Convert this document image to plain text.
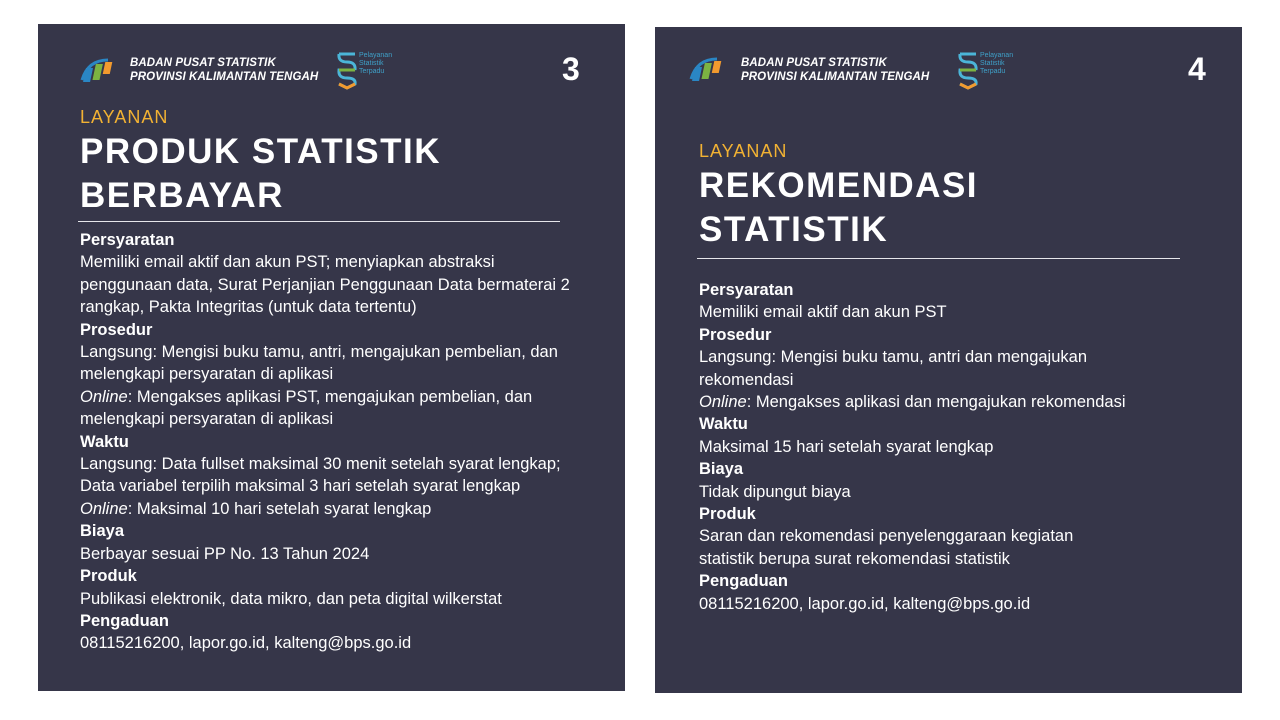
BADAN PUSAT STATISTIK
PROVINSI KALIMANTAN TENGAH
Pelayanan
Statistik
Terpadu	3
LAYANAN
PRODUK STATISTIK
BERBAYAR

Persyaratan

Memiliki email aktif dan akun PST; menyiapkan abstraksi

penggunaan data, Surat Perjanjian Penggunaan Data bermaterai 2

rangkap, Pakta Integritas (untuk data tertentu)

Prosedur

Langsung: Mengisi buku tamu, antri, mengajukan pembelian, dan

melengkapi persyaratan di aplikasi

Online: Mengakses aplikasi PST, mengajukan pembelian, dan

melengkapi persyaratan di aplikasi

Waktu

Langsung: Data fullset maksimal 30 menit setelah syarat lengkap;

Data variabel terpilih maksimal 3 hari setelah syarat lengkap

Online: Maksimal 10 hari setelah syarat lengkap

Biaya

Berbayar sesuai PP No. 13 Tahun 2024

Produk

Publikasi elektronik, data mikro, dan peta digital wilkerstat

Pengaduan

08115216200, lapor.go.id, kalteng@bps.go.id

BADAN PUSAT STATISTIK
PROVINSI KALIMANTAN TENGAH
Pelayanan
Statistik
Terpadu	4
LAYANAN
REKOMENDASI
STATISTIK

Persyaratan

Memiliki email aktif dan akun PST

Prosedur

Langsung: Mengisi buku tamu, antri dan mengajukan

rekomendasi

Online: Mengakses aplikasi dan mengajukan rekomendasi

Waktu

Maksimal 15 hari setelah syarat lengkap

Biaya

Tidak dipungut biaya

Produk

Saran dan rekomendasi penyelenggaraan kegiatan

statistik berupa surat rekomendasi statistik

Pengaduan

08115216200, lapor.go.id, kalteng@bps.go.id
